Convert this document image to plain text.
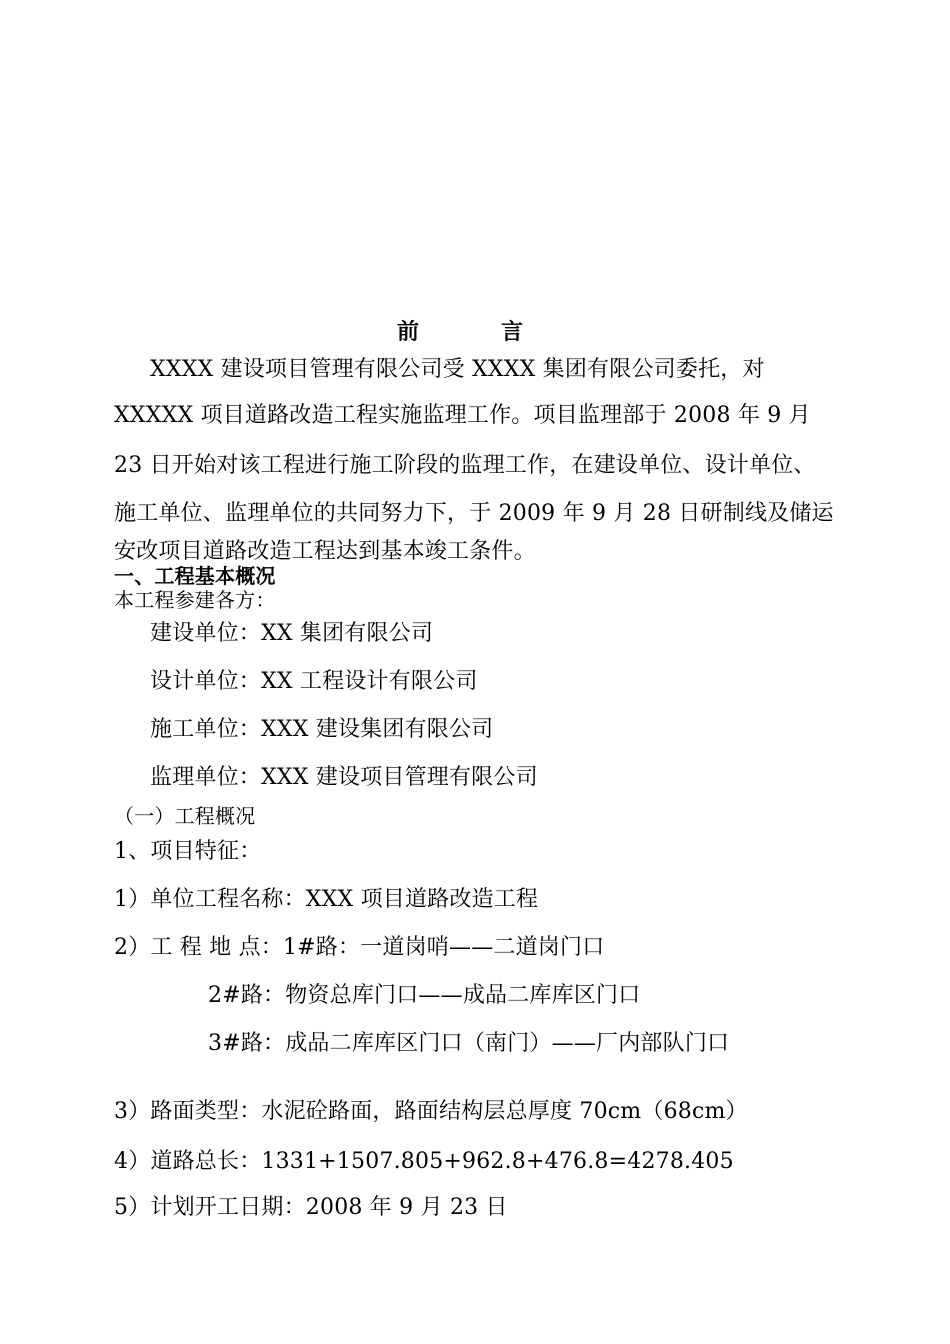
前　言
XXXX 建设项目管理有限公司受 XXXX 集团有限公司委托，对
XXXXX 项目道路改造工程实施监理工作。项目监理部于 2008 年 9 月
23 日开始对该工程进行施工阶段的监理工作，在建设单位、设计单位、
施工单位、监理单位的共同努力下，于 2009 年 9 月 28 日研制线及储运
安改项目道路改造工程达到基本竣工条件。
一、工程基本概况
本工程参建各方：
建设单位：XX 集团有限公司
设计单位：XX 工程设计有限公司
施工单位：XXX 建设集团有限公司
监理单位：XXX 建设项目管理有限公司
（一）工程概况
1、项目特征：
1）单位工程名称：XXX 项目道路改造工程
2）工 程 地 点：1#路：一道岗哨——二道岗门口
2#路：物资总库门口——成品二库库区门口
3#路：成品二库库区门口（南门）——厂内部队门口
3）路面类型：水泥砼路面，路面结构层总厚度 70cm（68cm）
4）道路总长：1331+1507.805+962.8+476.8=4278.405
5）计划开工日期：2008 年 9 月 23 日
